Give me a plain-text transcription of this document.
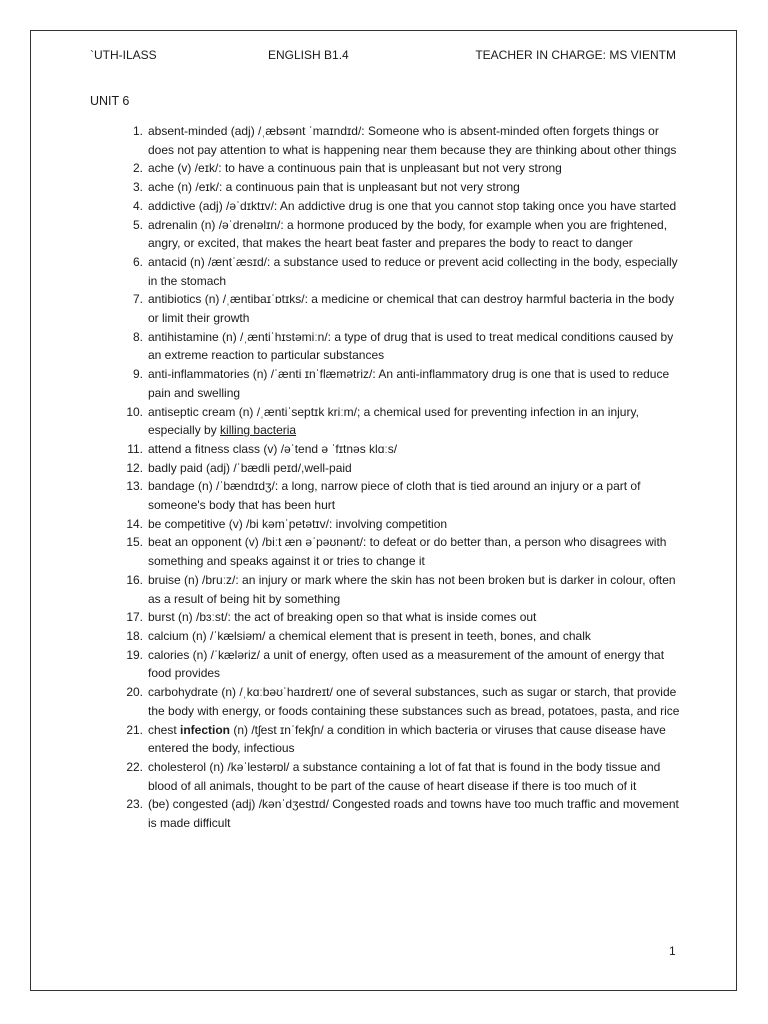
`UTH-ILASS	ENGLISH B1.4	TEACHER IN CHARGE: MS VIENTM
UNIT 6
1. absent-minded (adj) /ˌæbsənt ˈmaɪndɪd/: Someone who is absent-minded often forgets things or does not pay attention to what is happening near them because they are thinking about other things
2. ache (v) /eɪk/: to have a continuous pain that is unpleasant but not very strong
3. ache (n) /eɪk/: a continuous pain that is unpleasant but not very strong
4. addictive (adj) /əˈdɪktɪv/: An addictive drug is one that you cannot stop taking once you have started
5. adrenalin (n) /əˈdrenəlɪn/: a hormone produced by the body, for example when you are frightened, angry, or excited, that makes the heart beat faster and prepares the body to react to danger
6. antacid (n) /æntˈæsɪd/: a substance used to reduce or prevent acid collecting in the body, especially in the stomach
7. antibiotics (n) /ˌæntibaɪˈɒtɪks/: a medicine or chemical that can destroy harmful bacteria in the body or limit their growth
8. antihistamine (n) /ˌæntiˈhɪstəmiːn/: a type of drug that is used to treat medical conditions caused by an extreme reaction to particular substances
9. anti-inflammatories (n) /ˈænti ɪnˈflæmətriz/: An anti-inflammatory drug is one that is used to reduce pain and swelling
10. antiseptic cream (n) /ˌæntiˈseptɪk kriːm/; a chemical used for preventing infection in an injury, especially by killing bacteria
11. attend a fitness class (v) /əˈtend ə ˈfɪtnəs klɑːs/
12. badly paid (adj) /ˈbædli peɪd/,well-paid
13. bandage (n) /ˈbændɪdʒ/: a long, narrow piece of cloth that is tied around an injury or a part of someone's body that has been hurt
14. be competitive (v) /bi kəmˈpetətɪv/: involving competition
15. beat an opponent (v) /biːt æn əˈpəʊnənt/: to defeat or do better than, a person who disagrees with something and speaks against it or tries to change it
16. bruise (n) /bruːz/: an injury or mark where the skin has not been broken but is darker in colour, often as a result of being hit by something
17. burst (n) /bɜːst/: the act of breaking open so that what is inside comes out
18. calcium (n) /ˈkælsiəm/ a chemical element that is present in teeth, bones, and chalk
19. calories (n) /ˈkæləriz/ a unit of energy, often used as a measurement of the amount of energy that food provides
20. carbohydrate (n) /ˌkɑːbəʊˈhaɪdreɪt/ one of several substances, such as sugar or starch, that provide the body with energy, or foods containing these substances such as bread, potatoes, pasta, and rice
21. chest infection (n) /tʃest ɪnˈfekʃn/ a condition in which bacteria or viruses that cause disease have entered the body, infectious
22. cholesterol (n) /kəˈlestərɒl/ a substance containing a lot of fat that is found in the body tissue and blood of all animals, thought to be part of the cause of heart disease if there is too much of it
23. (be) congested (adj) /kənˈdʒestɪd/ Congested roads and towns have too much traffic and movement is made difficult
1
